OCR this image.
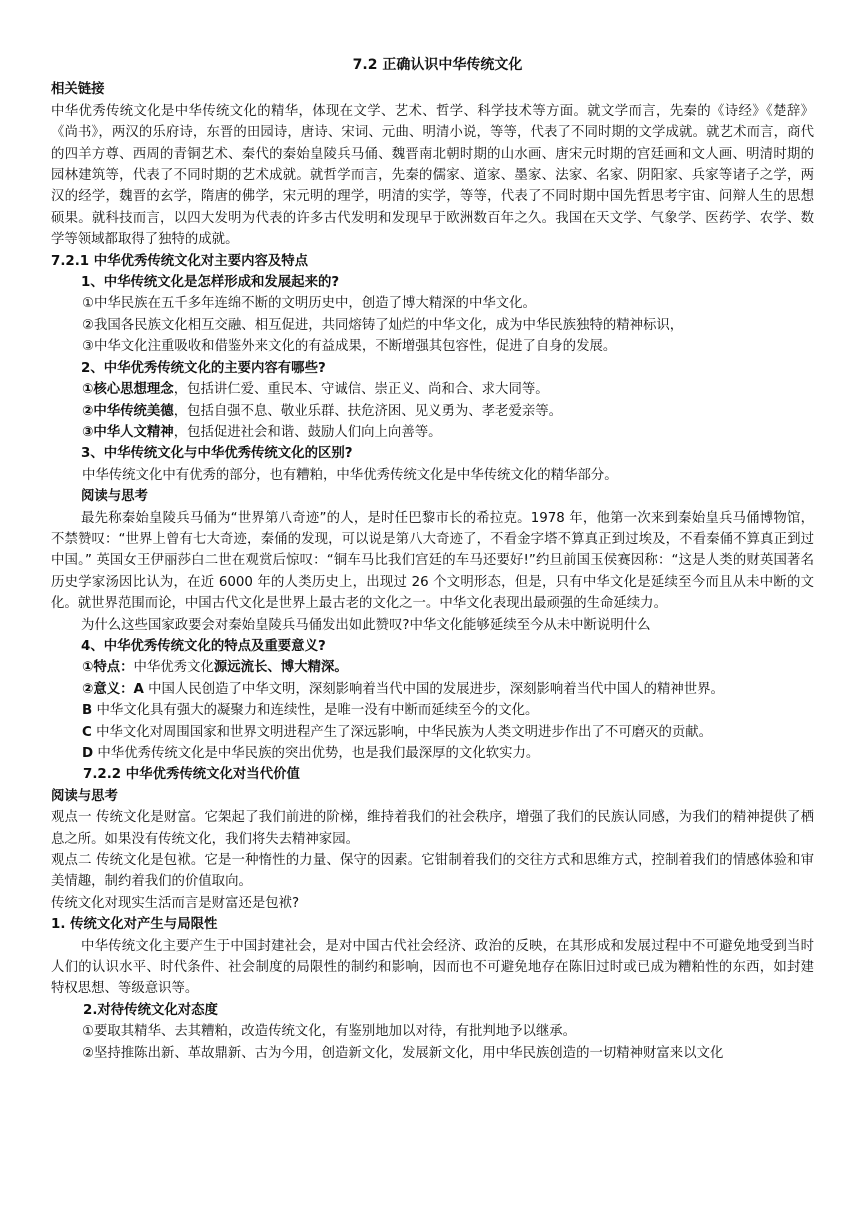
7.2 正确认识中华传统文化

相关链接

中华优秀传统文化是中华传统文化的精华，体现在文学、艺术、哲学、科学技术等方面。就文学而言，先秦的《诗经》《楚辞》《尚书》，两汉的乐府诗，东晋的田园诗，唐诗、宋词、元曲、明清小说，等等，代表了不同时期的文学成就。就艺术而言，商代的四羊方尊、西周的青铜艺术、秦代的秦始皇陵兵马俑、魏晋南北朝时期的山水画、唐宋元时期的宫廷画和文人画、明清时期的园林建筑等，代表了不同时期的艺术成就。就哲学而言，先秦的儒家、道家、墨家、法家、名家、阴阳家、兵家等诸子之学，两汉的经学，魏晋的玄学，隋唐的佛学，宋元明的理学，明清的实学，等等，代表了不同时期中国先哲思考宇宙、问辩人生的思想硕果。就科技而言，以四大发明为代表的许多古代发明和发现早于欧洲数百年之久。我国在天文学、气象学、医药学、农学、数学等领域都取得了独特的成就。

7.2.1 中华优秀传统文化对主要内容及特点

1、中华传统文化是怎样形成和发展起来的?

①中华民族在五千多年连绵不断的文明历史中，创造了博大精深的中华文化。

②我国各民族文化相互交融、相互促进，共同熔铸了灿烂的中华文化，成为中华民族独特的精神标识，

③中华文化注重吸收和借鉴外来文化的有益成果，不断增强其包容性，促进了自身的发展。

2、中华优秀传统文化的主要内容有哪些?

①核心思想理念，包括讲仁爱、重民本、守诚信、崇正义、尚和合、求大同等。

②中华传统美德，包括自强不息、敬业乐群、扶危济困、见义勇为、孝老爱亲等。

③中华人文精神，包括促进社会和谐、鼓励人们向上向善等。

3、中华传统文化与中华优秀传统文化的区别?

中华传统文化中有优秀的部分，也有糟粕，中华优秀传统文化是中华传统文化的精华部分。

阅读与思考

最先称秦始皇陵兵马俑为“世界第八奇迹”的人，是时任巴黎市长的希拉克。1978 年，他第一次来到秦始皇兵马俑博物馆，不禁赞叹：“世界上曾有七大奇迹，秦俑的发现，可以说是第八大奇迹了，不看金字塔不算真正到过埃及，不看秦俑不算真正到过中国。” 英国女王伊丽莎白二世在观赏后惊叹：“铜车马比我们宫廷的车马还要好!”约旦前国玉侯赛因称：“这是人类的财英国著名历史学家汤因比认为，在近 6000 年的人类历史上，出现过 26 个文明形态，但是，只有中华文化是延续至今而且从未中断的文化。就世界范围而论，中国古代文化是世界上最古老的文化之一。中华文化表现出最顽强的生命延续力。

为什么这些国家政要会对秦始皇陵兵马俑发出如此赞叹?中华文化能够延续至今从未中断说明什么

4、中华优秀传统文化的特点及重要意义?

①特点：中华优秀文化源远流长、博大精深。

②意义：A 中国人民创造了中华文明，深刻影响着当代中国的发展进步，深刻影响着当代中国人的精神世界。

B 中华文化具有强大的凝聚力和连续性，是唯一没有中断而延续至今的文化。

C 中华文化对周围国家和世界文明进程产生了深远影响，中华民族为人类文明进步作出了不可磨灭的贡献。

D 中华优秀传统文化是中华民族的突出优势，也是我们最深厚的文化软实力。

7.2.2 中华优秀传统文化对当代价值

阅读与思考

观点一 传统文化是财富。它架起了我们前进的阶梯，维持着我们的社会秩序，增强了我们的民族认同感，为我们的精神提供了栖息之所。如果没有传统文化，我们将失去精神家园。

观点二 传统文化是包袱。它是一种惰性的力量、保守的因素。它钳制着我们的交往方式和思维方式，控制着我们的情感体验和审美情趣，制约着我们的价值取向。

传统文化对现实生活而言是财富还是包袱?

1. 传统文化对产生与局限性

中华传统文化主要产生于中国封建社会，是对中国古代社会经济、政治的反映，在其形成和发展过程中不可避免地受到当时人们的认识水平、时代条件、社会制度的局限性的制约和影响，因而也不可避免地存在陈旧过时或已成为糟粕性的东西，如封建特权思想、等级意识等。

2.对待传统文化对态度

①要取其精华、去其糟粕，改造传统文化，有鉴别地加以对待，有批判地予以继承。

②坚持推陈出新、革故鼎新、古为今用，创造新文化，发展新文化，用中华民族创造的一切精神财富来以文化
